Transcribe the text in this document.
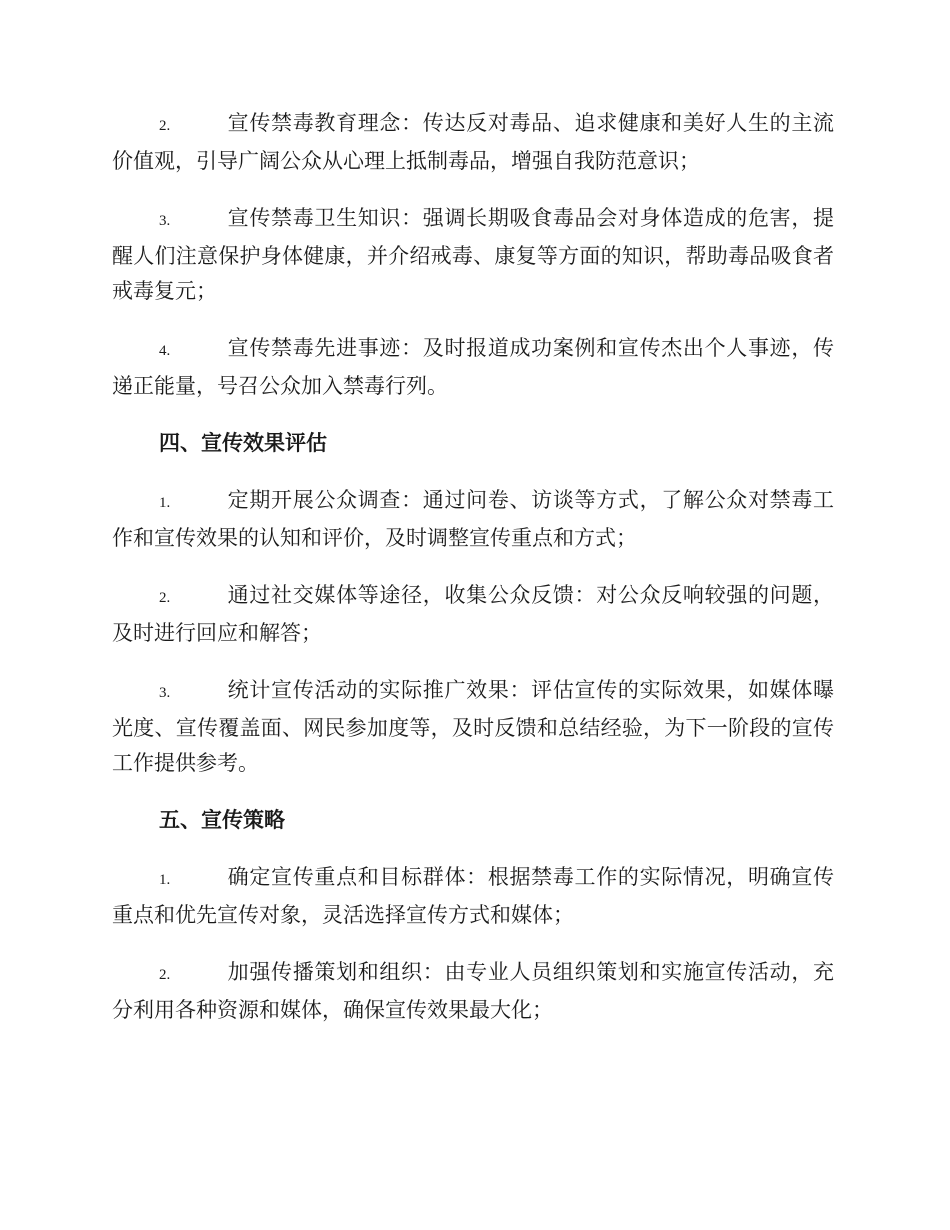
2.	宣传禁毒教育理念：传达反对毒品、追求健康和美好人生的主流价值观，引导广阔公众从心理上抵制毒品，增强自我防范意识；

3.	宣传禁毒卫生知识：强调长期吸食毒品会对身体造成的危害，提醒人们注意保护身体健康，并介绍戒毒、康复等方面的知识，帮助毒品吸食者戒毒复元；

4.	宣传禁毒先进事迹：及时报道成功案例和宣传杰出个人事迹，传递正能量，号召公众加入禁毒行列。

四、宣传效果评估

1.	定期开展公众调查：通过问卷、访谈等方式，了解公众对禁毒工作和宣传效果的认知和评价，及时调整宣传重点和方式；

2.	通过社交媒体等途径，收集公众反馈：对公众反响较强的问题，及时进行回应和解答；

3.	统计宣传活动的实际推广效果：评估宣传的实际效果，如媒体曝光度、宣传覆盖面、网民参加度等，及时反馈和总结经验，为下一阶段的宣传工作提供参考。

五、宣传策略

1.	确定宣传重点和目标群体：根据禁毒工作的实际情况，明确宣传重点和优先宣传对象，灵活选择宣传方式和媒体；

2.	加强传播策划和组织：由专业人员组织策划和实施宣传活动，充分利用各种资源和媒体，确保宣传效果最大化；
